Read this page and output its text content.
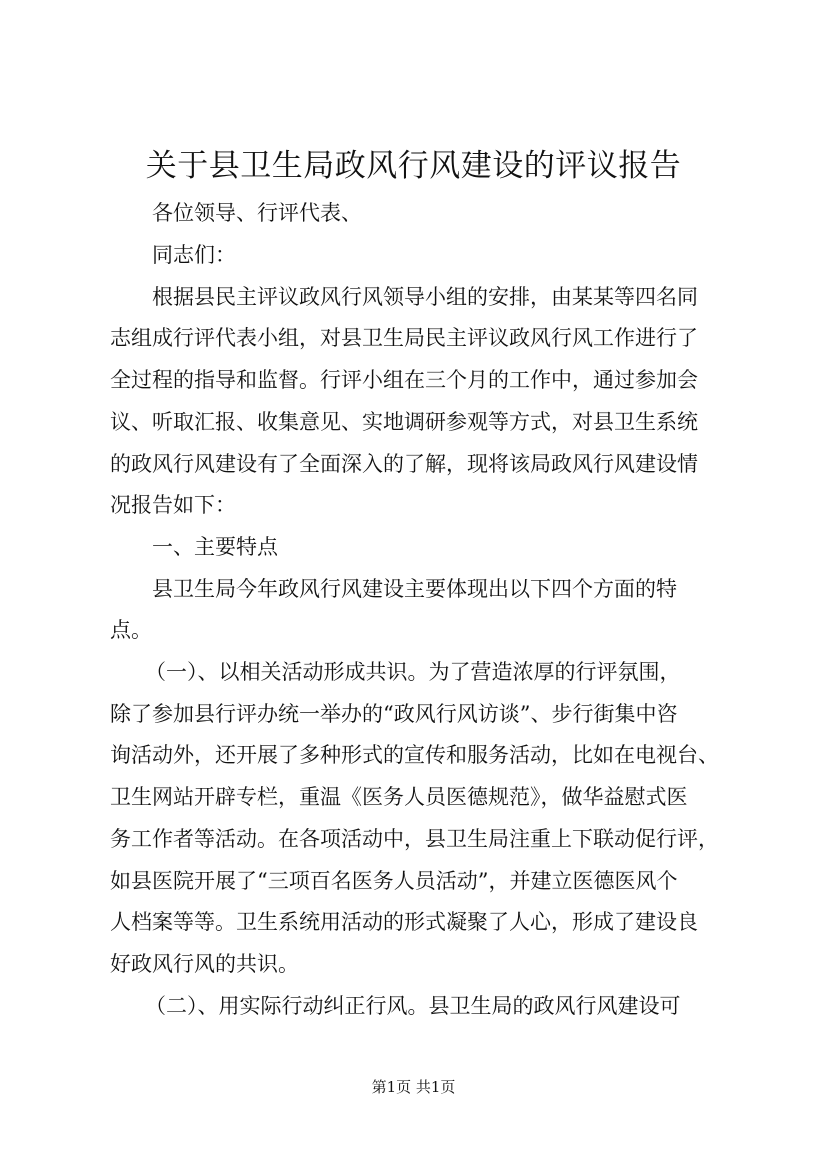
关于县卫生局政风行风建设的评议报告

各位领导、行评代表、

同志们：

根据县民主评议政风行风领导小组的安排，由某某等四名同

志组成行评代表小组，对县卫生局民主评议政风行风工作进行了

全过程的指导和监督。行评小组在三个月的工作中，通过参加会

议、听取汇报、收集意见、实地调研参观等方式，对县卫生系统

的政风行风建设有了全面深入的了解，现将该局政风行风建设情

况报告如下：

一、主要特点

县卫生局今年政风行风建设主要体现出以下四个方面的特

点。

（一）、以相关活动形成共识。为了营造浓厚的行评氛围，

除了参加县行评办统一举办的“政风行风访谈”、步行街集中咨

询活动外，还开展了多种形式的宣传和服务活动，比如在电视台、

卫生网站开辟专栏，重温《医务人员医德规范》，做华益慰式医

务工作者等活动。在各项活动中，县卫生局注重上下联动促行评，

如县医院开展了“三项百名医务人员活动”，并建立医德医风个

人档案等等。卫生系统用活动的形式凝聚了人心，形成了建设良

好政风行风的共识。

（二）、用实际行动纠正行风。县卫生局的政风行风建设可

第1页 共1页
